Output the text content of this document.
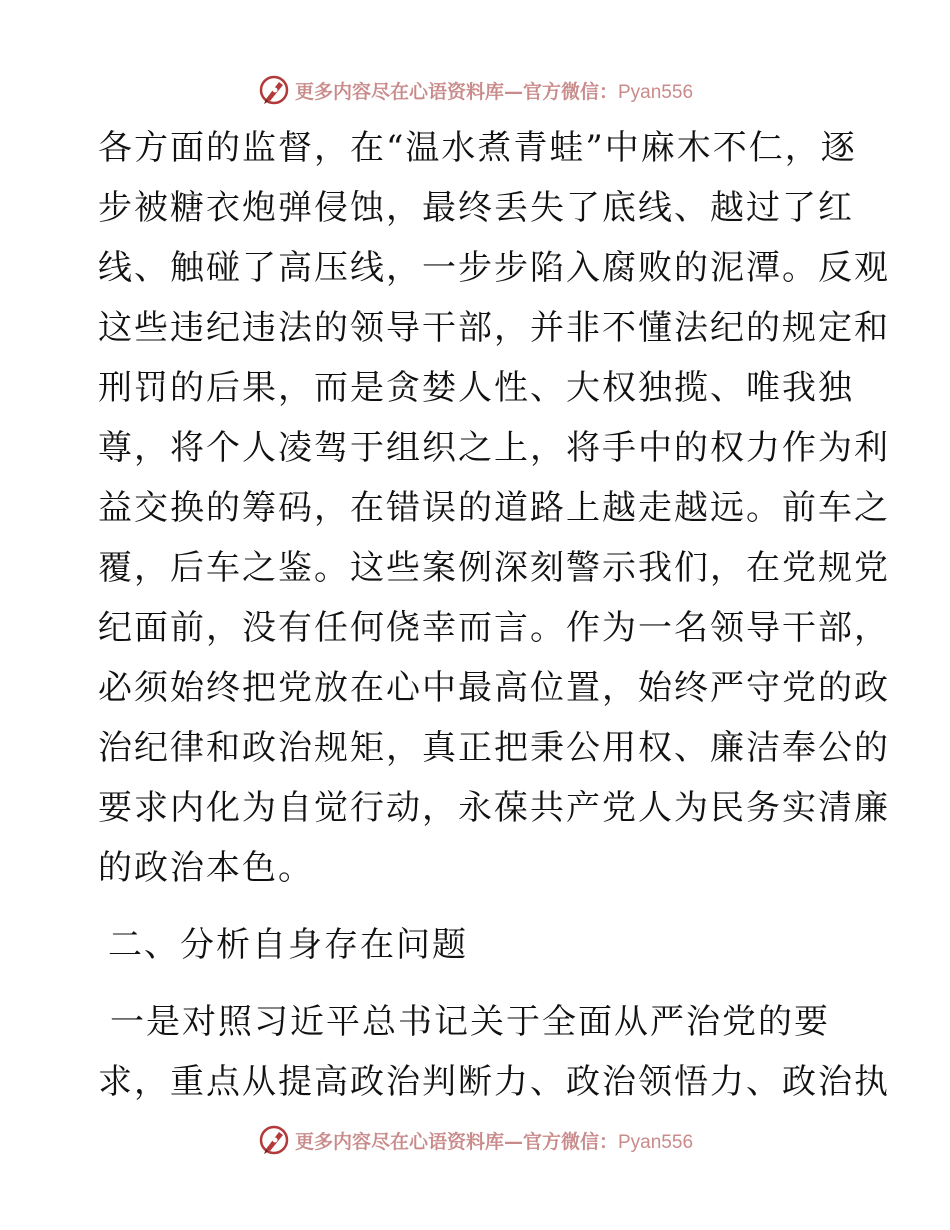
更多内容尽在心语资料库—官方微信：Pyan556
各方面的监督，在“温水煮青蛙”中麻木不仁，逐
步被糖衣炮弹侵蚀，最终丢失了底线、越过了红
线、触碰了高压线，一步步陷入腐败的泥潭。反观
这些违纪违法的领导干部，并非不懂法纪的规定和
刑罚的后果，而是贪婪人性、大权独揽、唯我独
尊，将个人凌驾于组织之上，将手中的权力作为利
益交换的筹码，在错误的道路上越走越远。前车之
覆，后车之鉴。这些案例深刻警示我们，在党规党
纪面前，没有任何侥幸而言。作为一名领导干部，
必须始终把党放在心中最高位置，始终严守党的政
治纪律和政治规矩，真正把秉公用权、廉洁奉公的
要求内化为自觉行动，永葆共产党人为民务实清廉
的政治本色。
二、分析自身存在问题
一是对照习近平总书记关于全面从严治党的要
求，重点从提高政治判断力、政治领悟力、政治执
更多内容尽在心语资料库—官方微信：Pyan556
